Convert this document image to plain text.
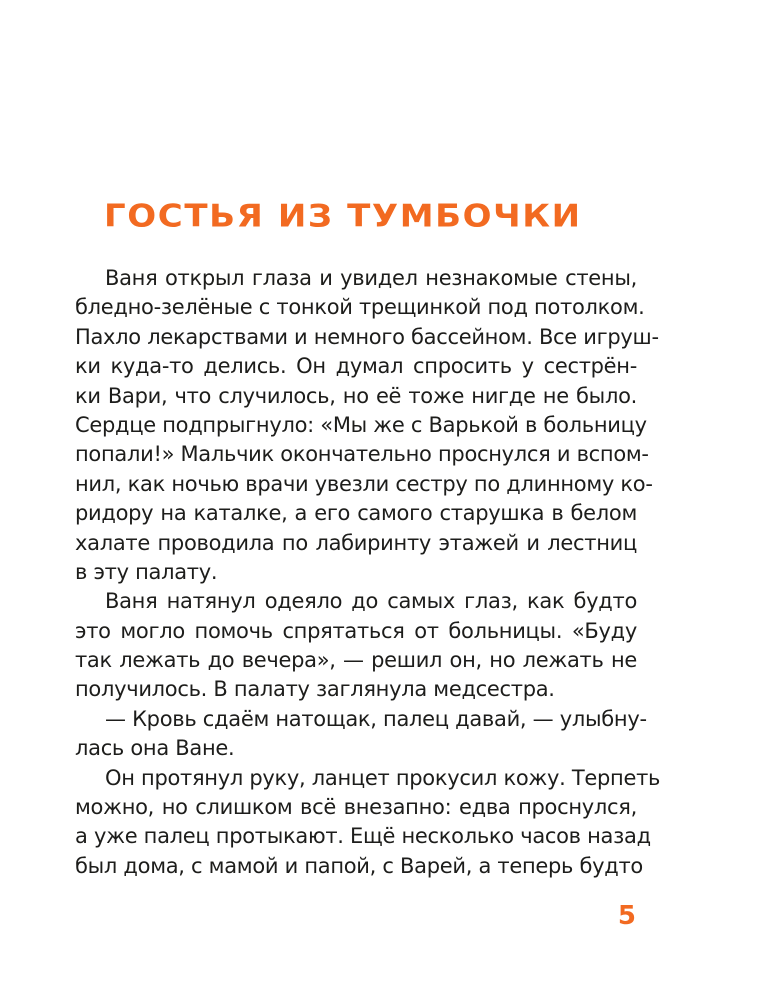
ГОСТЬЯ ИЗ ТУМБОЧКИ
Ваня открыл глаза и увидел незнакомые стены,
бледно-зелёные с тонкой трещинкой под потолком.
Пахло лекарствами и немного бассейном. Все игруш-
ки куда-то делись. Он думал спросить у сестрён-
ки Вари, что случилось, но её тоже нигде не было.
Сердце подпрыгнуло: «Мы же с Варькой в больницу
попали!» Мальчик окончательно проснулся и вспом-
нил, как ночью врачи увезли сестру по длинному ко-
ридору на каталке, а его самого старушка в белом
халате проводила по лабиринту этажей и лестниц
в эту палату.
Ваня натянул одеяло до самых глаз, как будто
это могло помочь спрятаться от больницы. «Буду
так лежать до вечера», — решил он, но лежать не
получилось. В палату заглянула медсестра.
— Кровь сдаём натощак, палец давай, — улыбну-
лась она Ване.
Он протянул руку, ланцет прокусил кожу. Терпеть
можно, но слишком всё внезапно: едва проснулся,
а уже палец протыкают. Ещё несколько часов назад
был дома, с мамой и папой, с Варей, а теперь будто
5
